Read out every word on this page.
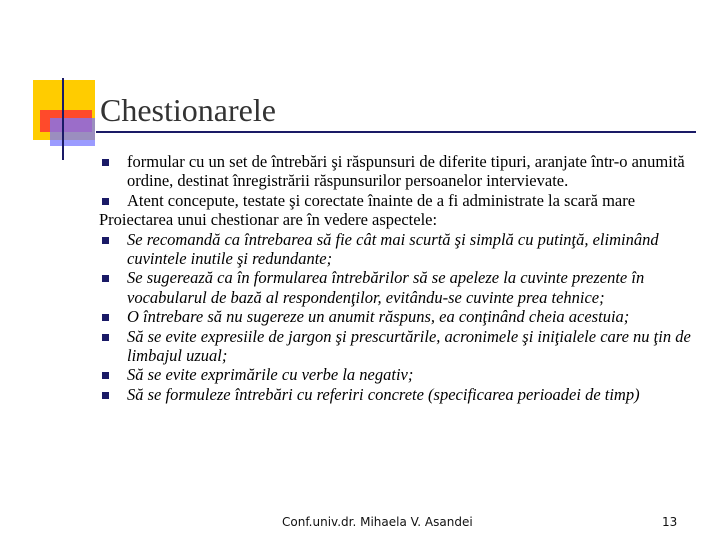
Chestionarele
formular cu un set de întrebări şi răspunsuri de diferite tipuri, aranjate într-o anumită ordine, destinat înregistrării răspunsurilor persoanelor intervievate.
Atent concepute, testate şi corectate înainte de a fi administrate la scară mare
Proiectarea unui chestionar are în vedere aspectele:
Se recomandă ca întrebarea să fie cât mai scurtă şi simplă cu putinţă, eliminând cuvintele inutile şi redundante;
Se sugerează ca în formularea întrebărilor să se apeleze la cuvinte prezente în vocabularul de bază al respondenţilor, evitându-se cuvinte prea tehnice;
O întrebare să nu sugereze un anumit răspuns, ea conţinând cheia acestuia;
Să se evite expresiile de jargon şi prescurtările, acronimele şi iniţialele care nu ţin de limbajul uzual;
Să se evite exprimările cu verbe la negativ;
Să se formuleze întrebări cu referiri concrete (specificarea perioadei de timp)
Conf.univ.dr. Mihaela V. Asandei	13
